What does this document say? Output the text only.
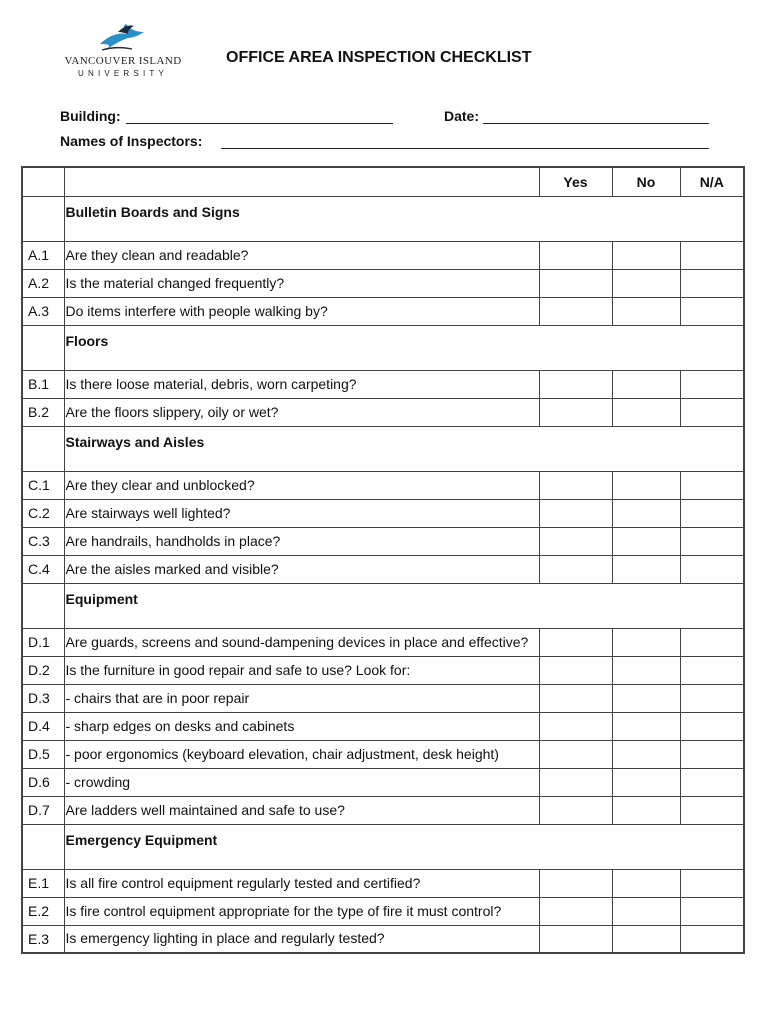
VANCOUVER ISLAND
UNIVERSITY
OFFICE AREA INSPECTION CHECKLIST
Building:	Date:
Names of Inspectors:
		Yes	No	N/A
	Bulletin Boards and Signs			
A.1	Are they clean and readable?			
A.2	Is the material changed frequently?			
A.3	Do items interfere with people walking by?			
	Floors			
B.1	Is there loose material, debris, worn carpeting?			
B.2	Are the floors slippery, oily or wet?			
	Stairways and Aisles			
C.1	Are they clear and unblocked?			
C.2	Are stairways well lighted?			
C.3	Are handrails, handholds in place?			
C.4	Are the aisles marked and visible?			
	Equipment			
D.1	Are guards, screens and sound-dampening devices in place and effective?			
D.2	Is the furniture in good repair and safe to use? Look for:			
D.3	- chairs that are in poor repair			
D.4	- sharp edges on desks and cabinets			
D.5	- poor ergonomics (keyboard elevation, chair adjustment, desk height)			
D.6	- crowding			
D.7	Are ladders well maintained and safe to use?			
	Emergency Equipment			
E.1	Is all fire control equipment regularly tested and certified?			
E.2	Is fire control equipment appropriate for the type of fire it must control?			
E.3	Is emergency lighting in place and regularly tested?			
